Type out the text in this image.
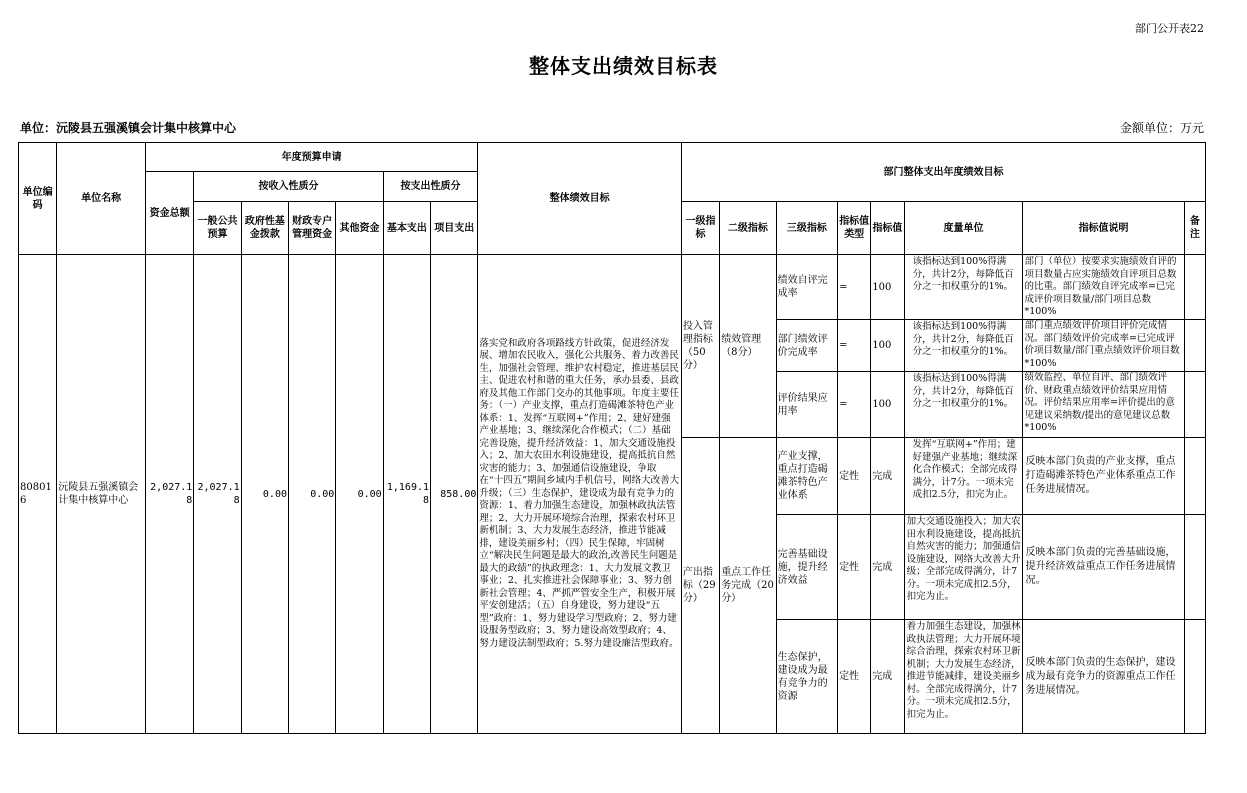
部门公开表22
整体支出绩效目标表
单位：沅陵县五强溪镇会计集中核算中心	金额单位：万元
单位编码	单位名称	年度预算申请							整体绩效目标	部门整体支出年度绩效目标							
		资金总额	按收入性质分				按支出性质分										
			一般公共预算	政府性基金拨款	财政专户管理资金	其他资金	基本支出	项目支出		一级指标	二级指标	三级指标	指标值类型	指标值	度量单位	指标值说明	备注

808016	沅陵县五强溪镇会计集中核算中心	2,027.18	2,027.18	0.00	0.00	0.00	1,169.18	858.00	落实党和政府各项路线方针政策，促进经济发展、增加农民收入，强化公共服务、着力改善民生，加强社会管理、维护农村稳定，推进基层民主、促进农村和谐的重大任务，承办县委、县政府及其他工作部门交办的其他事项。年度主要任务：（一）产业支撑，重点打造碣滩茶特色产业体系：1、发挥“互联网+”作用；2、建好建强产业基地；3、继续深化合作模式；（二）基础完善设施，提升经济效益：1、加大交通设施投入；2、加大农田水利设施建设，提高抵抗自然灾害的能力；3、加强通信设施建设，争取在“十四五”期间乡域内手机信号，网络大改善大升级；（三）生态保护，建设成为最有竞争力的资源：1、着力加强生态建设，加强林政执法管理；2、大力开展环境综合治理，探索农村环卫新机制；3、大力发展生态经济，推进节能减排，建设美丽乡村；（四）民生保障，牢固树立“解决民生问题是最大的政治,改善民生问题是最大的政绩”的执政理念：1、大力发展文教卫事业；2、扎实推进社会保障事业；3、努力创新社会管理；4、严抓严管安全生产，积极开展平安创建活；（五）自身建设，努力建设“五型”政府：1、努力建设学习型政府；2、努力建设服务型政府；3、努力建设高效型政府；4、努力建设法制型政府；5.努力建设廉洁型政府。	投入管理指标（50分）	绩效管理（8分）	绩效自评完成率	=	100	该指标达到100%得满分，共计2分，每降低百分之一扣权重分的1%。	部门（单位）按要求实施绩效自评的项目数量占应实施绩效自评项目总数的比重。部门绩效自评完成率=已完成评价项目数量/部门项目总数*100%	

												部门绩效评价完成率	=	100	该指标达到100%得满分，共计2分，每降低百分之一扣权重分的1%。	部门重点绩效评价项目评价完成情况。部门绩效评价完成率=已完成评价项目数量/部门重点绩效评价项目数*100%	

												评价结果应用率	=	100	该指标达到100%得满分，共计2分，每降低百分之一扣权重分的1%。	绩效监控、单位自评、部门绩效评价、财政重点绩效评价结果应用情况。评价结果应用率=评价提出的意见建议采纳数/提出的意见建议总数*100%	

										产出指标（29分）	重点工作任务完成（20分）	产业支撑，重点打造碣滩茶特色产业体系	定性	完成	发挥“互联网+”作用；建好建强产业基地；继续深化合作模式；全部完成得满分，计7分。一项未完成扣2.5分，扣完为止。	反映本部门负责的产业支撑，重点打造碣滩茶特色产业体系重点工作任务进展情况。	
												完善基础设施，提升经济效益	定性	完成	加大交通设施投入；加大农田水利设施建设，提高抵抗自然灾害的能力；加强通信设施建设，网络大改善大升级；全部完成得满分，计7分。一项未完成扣2.5分，扣完为止。	反映本部门负责的完善基础设施，提升经济效益重点工作任务进展情况。	
												生态保护，建设成为最有竞争力的资源	定性	完成	着力加强生态建设，加强林政执法管理；大力开展环境综合治理，探索农村环卫新机制；大力发展生态经济，推进节能减排，建设美丽乡村。全部完成得满分，计7分。一项未完成扣2.5分，扣完为止。	反映本部门负责的生态保护，建设成为最有竞争力的资源重点工作任务进展情况。	
